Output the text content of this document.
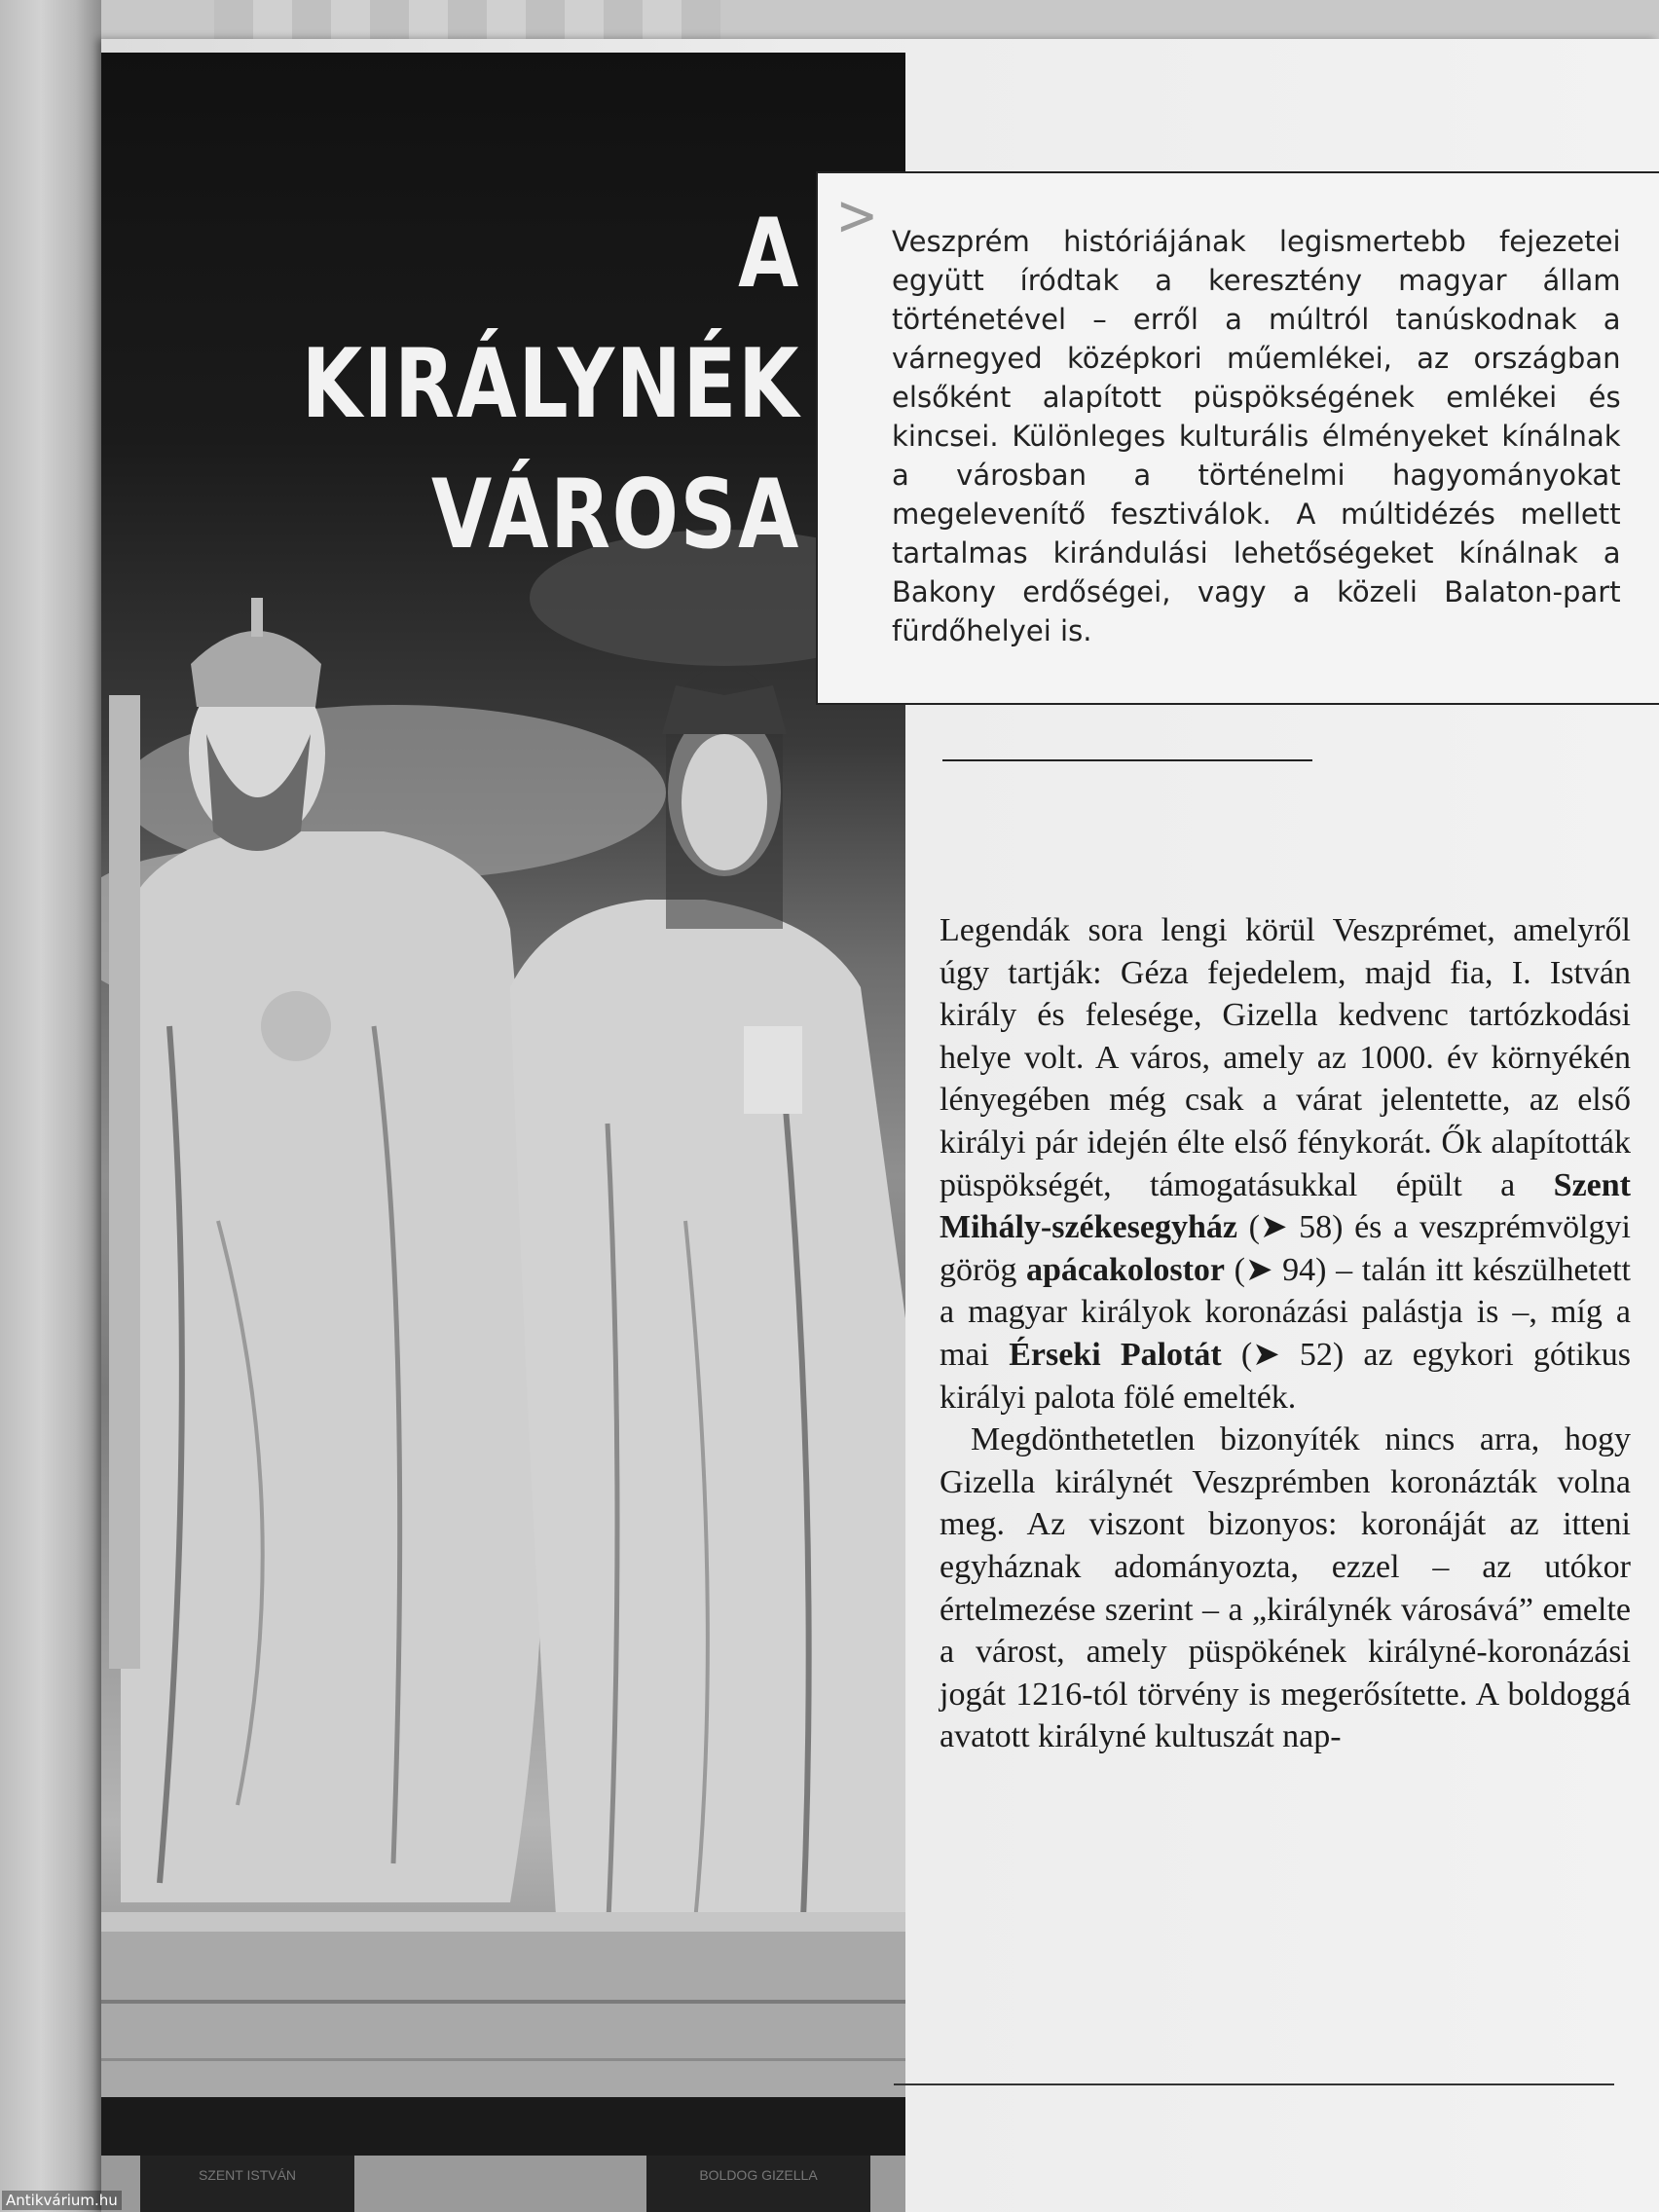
SZENT ISTVÁN	BOLDOG GIZELLA
A KIRÁLYNÉK
VÁROSA
> Veszprém históriájának legismertebb fejezetei együtt íródtak a keresztény magyar állam történetével – erről a múltról tanúskodnak a várnegyed középkori műemlékei, az országban elsőként alapított püspökségének emlékei és kincsei. Különleges kulturális élményeket kínálnak a városban a történelmi hagyományokat megelevenítő fesztiválok. A múltidézés mellett tartalmas kirándulási lehetőségeket kínálnak a Bakony erdőségei, vagy a közeli Balaton-part fürdőhelyei is.

Legendák sora lengi körül Veszprémet, amelyről úgy tartják: Géza fejedelem, majd fia, I. István király és felesége, Gizella kedvenc tartózkodási helye volt. A város, amely az 1000. év környékén lényegében még csak a várat jelentette, az első királyi pár idején élte első fénykorát. Ők alapították püspökségét, támogatásukkal épült a Szent Mihály-székesegyház (➤ 58) és a veszprémvölgyi görög apácakolostor (➤ 94) – talán itt készülhetett a magyar királyok koronázási palástja is –, míg a mai Érseki Palotát (➤ 52) az egykori gótikus királyi palota fölé emelték.

Megdönthetetlen bizonyíték nincs arra, hogy Gizella királynét Veszprémben koronázták volna meg. Az viszont bizonyos: koronáját az itteni egyháznak adományozta, ezzel – az utókor értelmezése szerint – a „királynék városává” emelte a várost, amely püspökének királyné-koronázási jogát 1216-tól törvény is megerősítette. A boldoggá avatott királyné kultuszát nap-

Antikvárium.hu
